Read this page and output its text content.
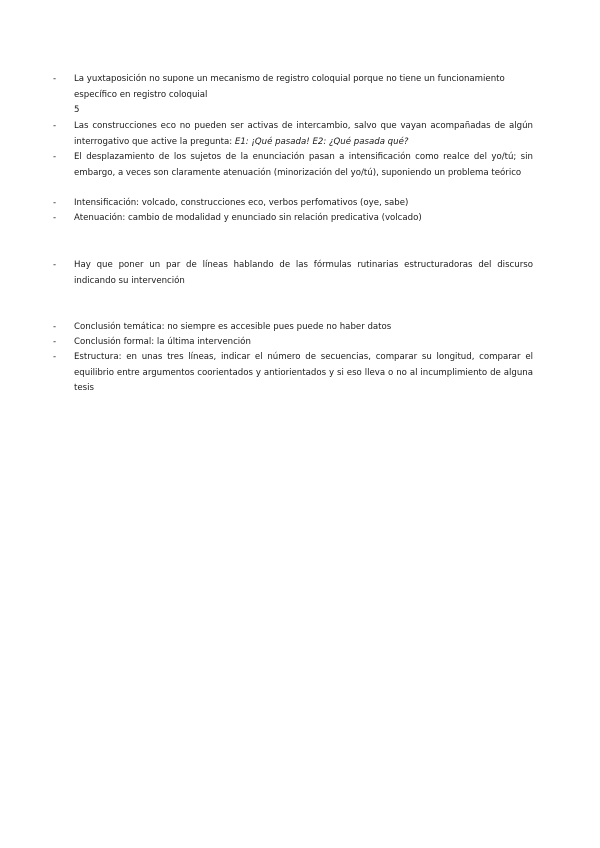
- La yuxtaposición no supone un mecanismo de registro coloquial porque no tiene un funcionamiento específico en registro coloquial
5
- Las construcciones eco no pueden ser activas de intercambio, salvo que vayan acompañadas de algún interrogativo que active la pregunta: E1: ¡Qué pasada! E2: ¿Qué pasada qué?
- El desplazamiento de los sujetos de la enunciación pasan a intensificación como realce del yo/tú; sin embargo, a veces son claramente atenuación (minorización del yo/tú), suponiendo un problema teórico
- Intensificación: volcado, construcciones eco, verbos perfomativos (oye, sabe)
- Atenuación: cambio de modalidad y enunciado sin relación predicativa (volcado)
- Hay que poner un par de líneas hablando de las fórmulas rutinarias estructuradoras del discurso indicando su intervención
- Conclusión temática: no siempre es accesible pues puede no haber datos
- Conclusión formal: la última intervención
- Estructura: en unas tres líneas, indicar el número de secuencias, comparar su longitud, comparar el equilibrio entre argumentos coorientados y antiorientados y si eso lleva o no al incumplimiento de alguna tesis
